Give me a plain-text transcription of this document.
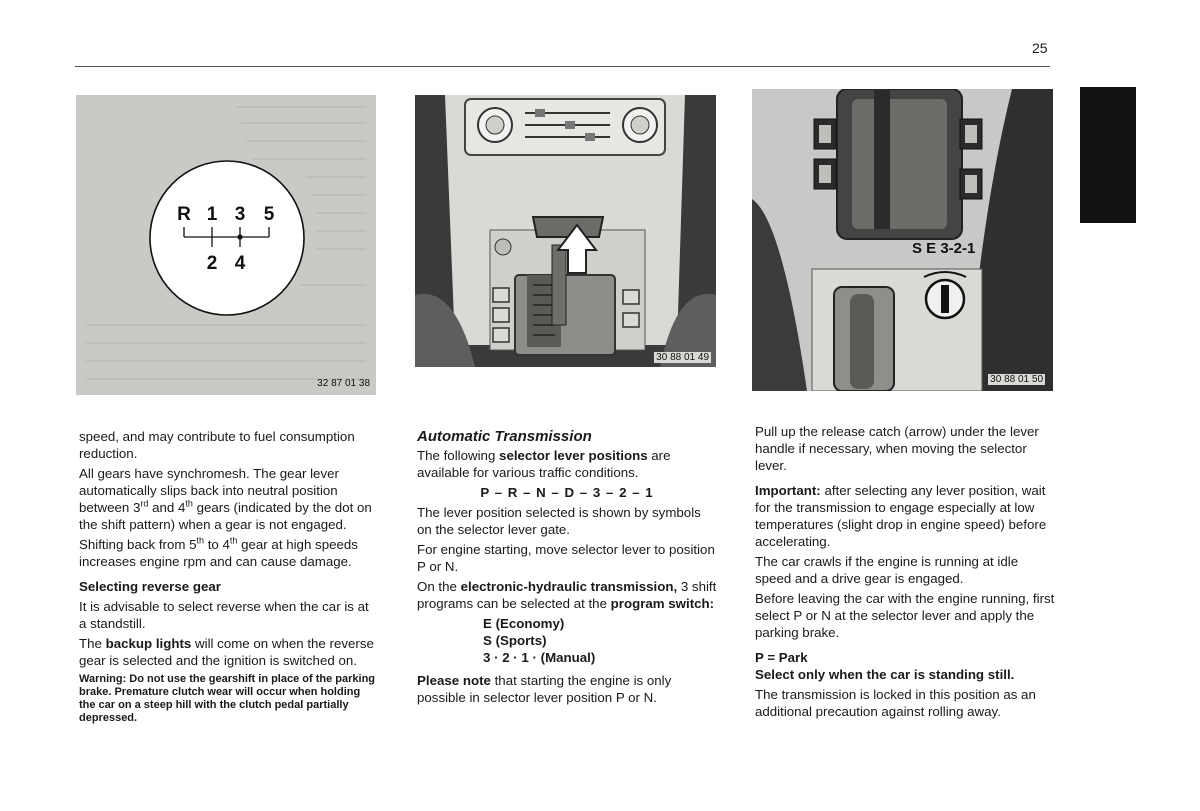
25
R 1 3 5
2 4
32 87 01 38
30 88 01 49
S E 3-2-1
30 88 01 50

speed, and may contribute to fuel consumption reduction.

All gears have synchromesh. The gear lever automatically slips back into neutral position between 3rd and 4th gears (indicated by the dot on the shift pattern) when a gear is not engaged.

Shifting back from 5th to 4th gear at high speeds increases engine rpm and can cause damage.

Selecting reverse gear

It is advisable to select reverse when the car is at a standstill.

The backup lights will come on when the reverse gear is selected and the ignition is switched on.

Warning: Do not use the gearshift in place of the parking brake. Premature clutch wear will occur when holding the car on a steep hill with the clutch pedal partially depressed.

Automatic Transmission

The following selector lever positions are available for various traffic conditions.

P – R – N – D – 3 – 2 – 1

The lever position selected is shown by symbols on the selector lever gate.

For engine starting, move selector lever to position P or N.

On the electronic-hydraulic transmission, 3 shift programs can be selected at the program switch:

E (Economy)
S (Sports)
3 · 2 · 1 · (Manual)

Please note that starting the engine is only possible in selector lever position P or N.

Pull up the release catch (arrow) under the lever handle if necessary, when moving the selector lever.

Important: after selecting any lever position, wait for the transmission to engage especially at low temperatures (slight drop in engine speed) before accelerating.

The car crawls if the engine is running at idle speed and a drive gear is engaged.

Before leaving the car with the engine running, first select P or N at the selector lever and apply the parking brake.

P = Park

Select only when the car is standing still.

The transmission is locked in this position as an additional precaution against rolling away.
